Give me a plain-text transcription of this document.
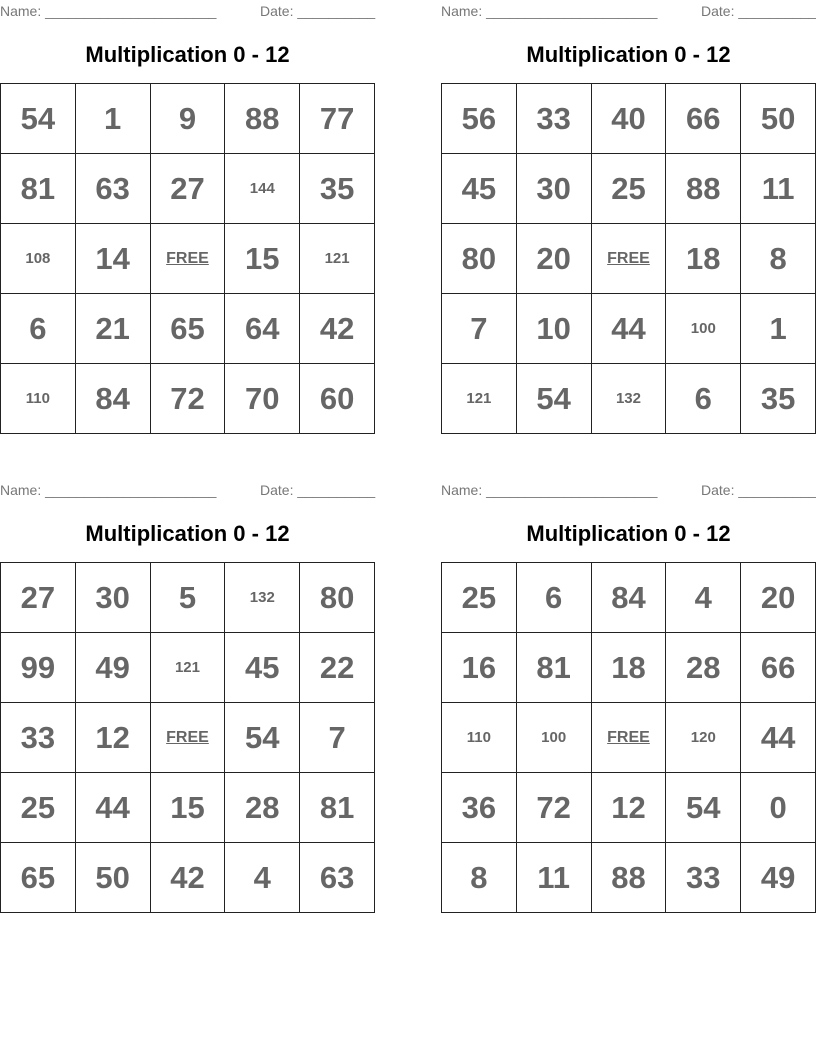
Name: ______________________	Date: __________
Multiplication 0 - 12
54	1	9	88	77
81	63	27	144	35
108	14	FREE	15	121
6	21	65	64	42
110	84	72	70	60
Name: ______________________	Date: __________
Multiplication 0 - 12
56	33	40	66	50
45	30	25	88	11
80	20	FREE	18	8
7	10	44	100	1
121	54	132	6	35
Name: ______________________	Date: __________
Multiplication 0 - 12
27	30	5	132	80
99	49	121	45	22
33	12	FREE	54	7
25	44	15	28	81
65	50	42	4	63
Name: ______________________	Date: __________
Multiplication 0 - 12
25	6	84	4	20
16	81	18	28	66
110	100	FREE	120	44
36	72	12	54	0
8	11	88	33	49
